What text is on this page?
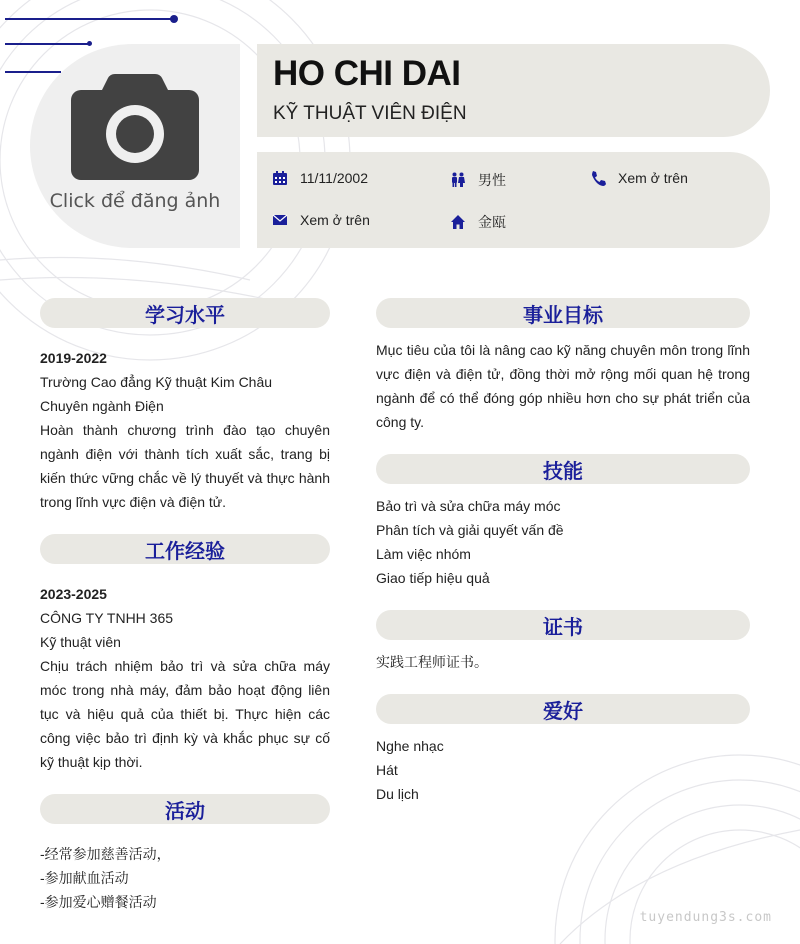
Click để đăng ảnh
HO CHI DAI
KỸ THUẬT VIÊN ĐIỆN
11/11/2002	男性	Xem ở trên
Xem ở trên	金瓯
学习水平
2019-2022
Trường Cao đẳng Kỹ thuật Kim Châu
Chuyên ngành Điện
Hoàn thành chương trình đào tạo chuyên ngành điện với thành tích xuất sắc, trang bị kiến thức vững chắc về lý thuyết và thực hành trong lĩnh vực điện và điện tử.
工作经验
2023-2025
CÔNG TY TNHH 365
Kỹ thuật viên
Chịu trách nhiệm bảo trì và sửa chữa máy móc trong nhà máy, đảm bảo hoạt động liên tục và hiệu quả của thiết bị. Thực hiện các công việc bảo trì định kỳ và khắc phục sự cố kỹ thuật kịp thời.
活动
-经常参加慈善活动，
-参加献血活动
-参加爱心赠餐活动
事业目标
Mục tiêu của tôi là nâng cao kỹ năng chuyên môn trong lĩnh vực điện và điện tử, đồng thời mở rộng mối quan hệ trong ngành để có thể đóng góp nhiều hơn cho sự phát triển của công ty.
技能
Bảo trì và sửa chữa máy móc
Phân tích và giải quyết vấn đề
Làm việc nhóm
Giao tiếp hiệu quả
证书
实践工程师证书。
爱好
Nghe nhạc
Hát
Du lịch
tuyendung3s.com
